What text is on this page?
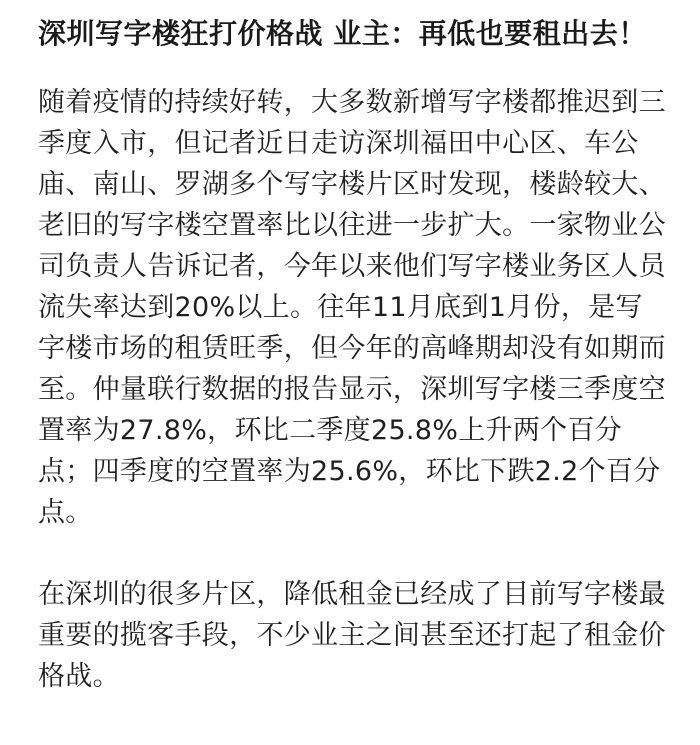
深圳写字楼狂打价格战 业主：再低也要租出去！

随着疫情的持续好转，大多数新增写字楼都推迟到三季度入市，但记者近日走访深圳福田中心区、车公庙、南山、罗湖多个写字楼片区时发现，楼龄较大、老旧的写字楼空置率比以往进一步扩大。一家物业公司负责人告诉记者，今年以来他们写字楼业务区人员流失率达到20%以上。往年11月底到1月份，是写字楼市场的租赁旺季，但今年的高峰期却没有如期而至。仲量联行数据的报告显示，深圳写字楼三季度空置率为27.8%，环比二季度25.8%上升两个百分点；四季度的空置率为25.6%，环比下跌2.2个百分点。

在深圳的很多片区，降低租金已经成了目前写字楼最重要的揽客手段，不少业主之间甚至还打起了租金价格战。
